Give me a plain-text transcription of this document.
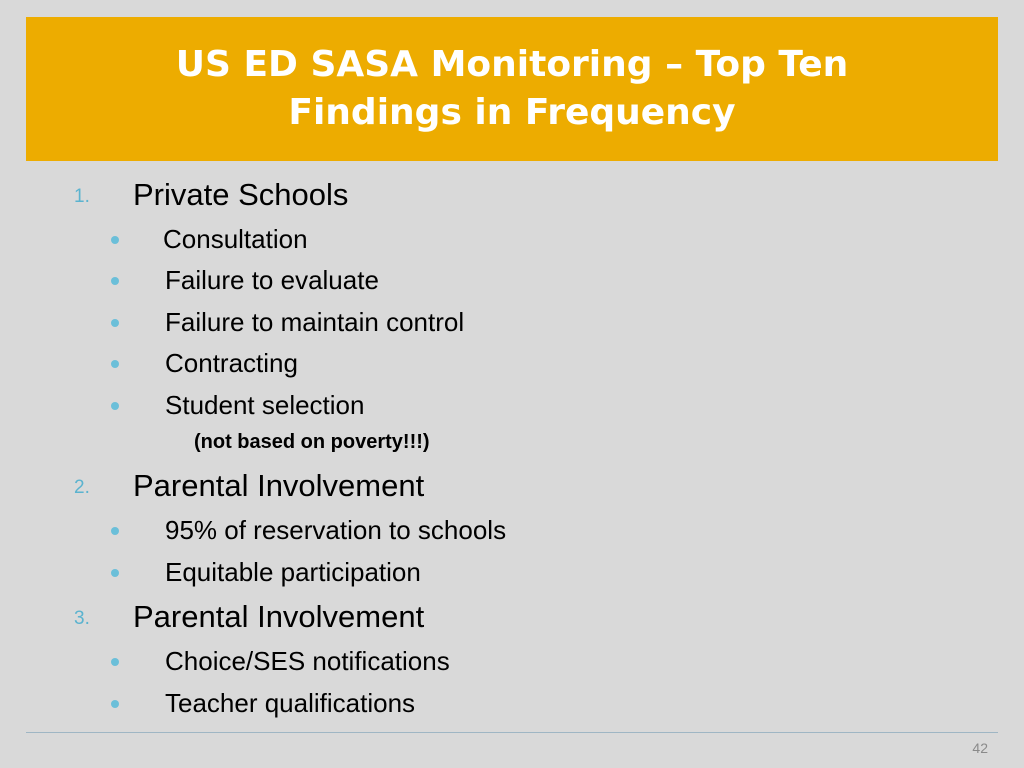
US ED SASA Monitoring – Top Ten
Findings in Frequency
1. Private Schools
Consultation
Failure to evaluate
Failure to maintain control
Contracting
Student selection
(not based on poverty!!!)
2. Parental Involvement
95% of reservation to schools
Equitable participation
3. Parental Involvement
Choice/SES notifications
Teacher qualifications
42
